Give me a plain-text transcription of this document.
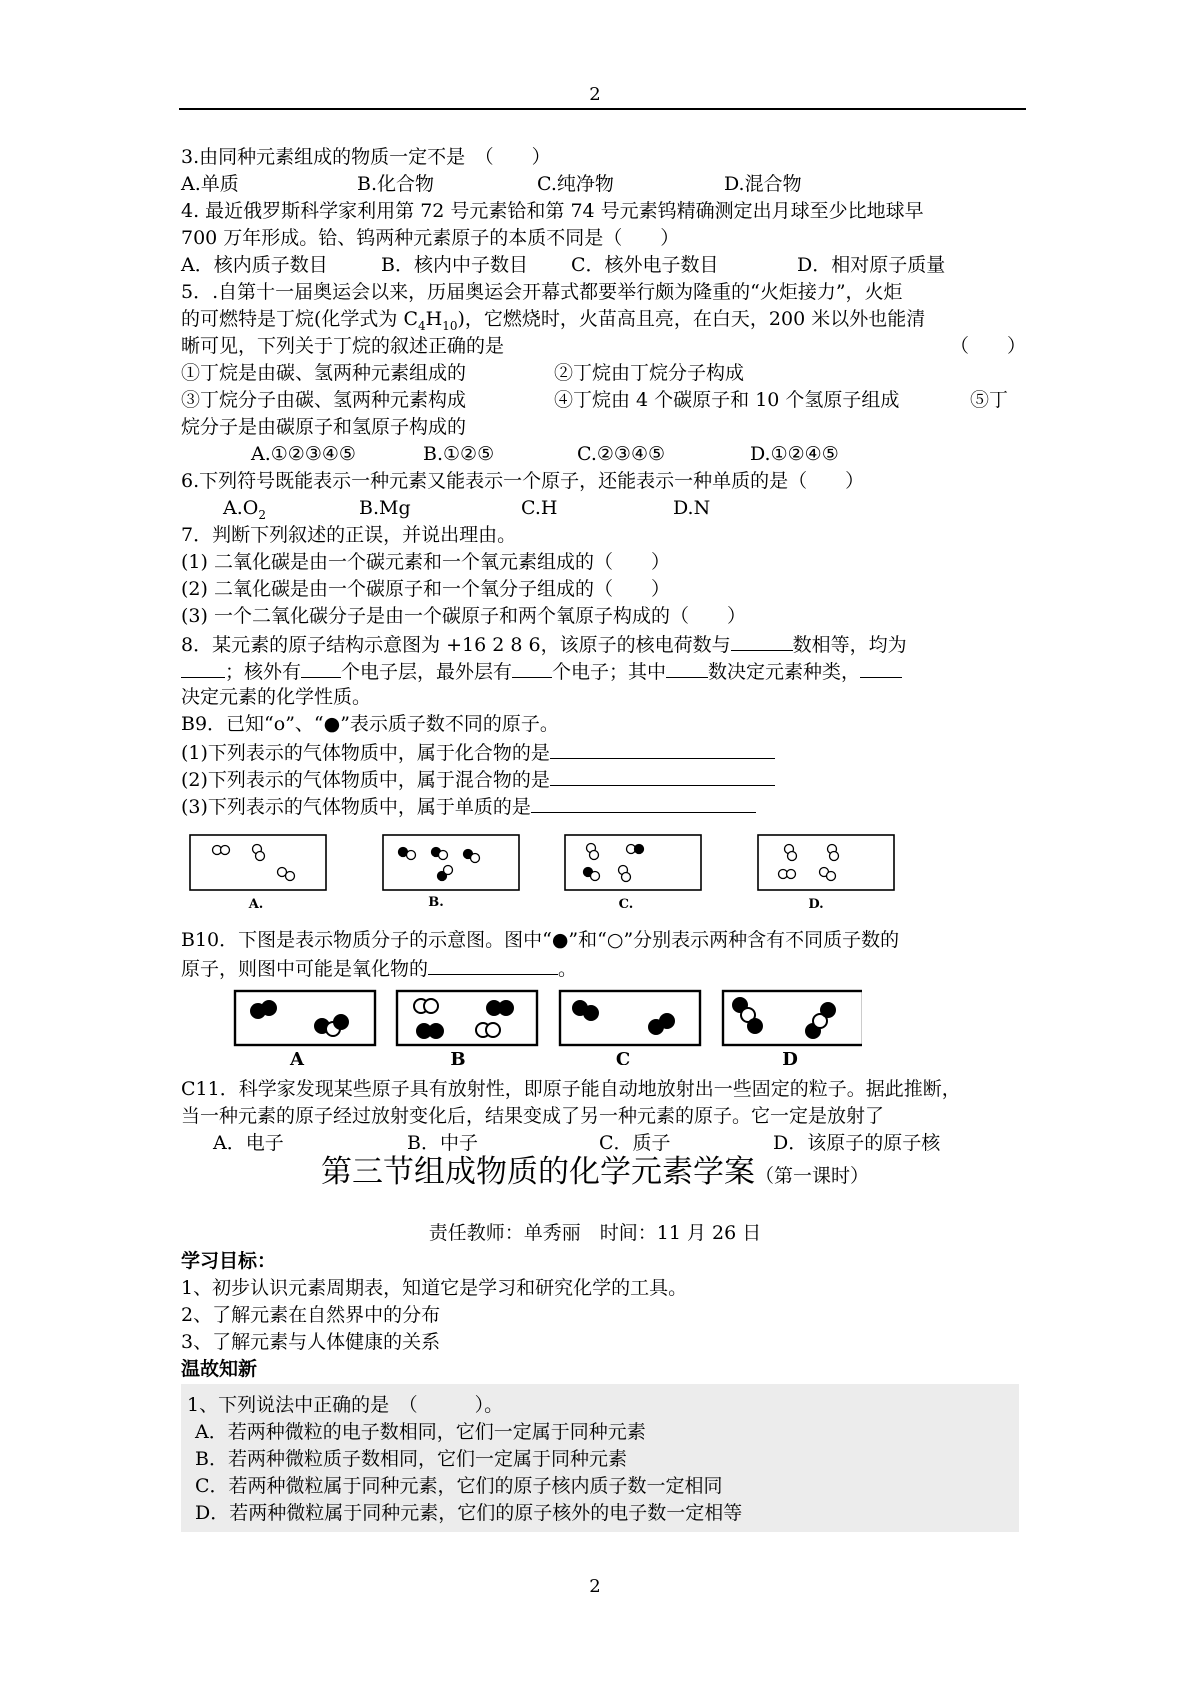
2
3.由同种元素组成的物质一定不是　（　　）
A.单质	B.化合物	C.纯净物	D.混合物
4. 最近俄罗斯科学家利用第 72 号元素铪和第 74 号元素钨精确测定出月球至少比地球早
700 万年形成。铪、钨两种元素原子的本质不同是（　　）
A．核内质子数目	B．核内中子数目 C．核外电子数目	D．相对原子质量
5．.自第十一届奥运会以来，历届奥运会开幕式都要举行颇为隆重的“火炬接力”，火炬
的可燃特是丁烷(化学式为 $C_4H_{10}$)，它燃烧时，火苗高且亮，在白天，200 米以外也能清
晰可见，下列关于丁烷的叙述正确的是	（　　）
①丁烷是由碳、氢两种元素组成的	②丁烷由丁烷分子构成
③丁烷分子由碳、氢两种元素构成	④丁烷由 4 个碳原子和 10 个氢原子组成	⑤丁
烷分子是由碳原子和氢原子构成的
A.①②③④⑤	B.①②⑤	C.②③④⑤	D.①②④⑤
6.下列符号既能表示一种元素又能表示一个原子，还能表示一种单质的是（　　）
$A.O_2$	B.Mg	C.H	D.N
7．判断下列叙述的正误，并说出理由。
(1) 二氧化碳是由一个碳元素和一个氧元素组成的（　　）
(2) 二氧化碳是由一个碳原子和一个氧分子组成的（　　）
(3) 一个二氧化碳分子是由一个碳原子和两个氧原子构成的（　　）
8．某元素的原子结构示意图为 +16 2 8 6，该原子的核电荷数与	数相等，均为
；核外有 个电子层，最外层有 个电子；其中 数决定元素种类，
决定元素的化学性质。
B9．已知“o”、“●”表示质子数不同的原子。
(1)下列表示的气体物质中，属于化合物的是
(2)下列表示的气体物质中，属于混合物的是
(3)下列表示的气体物质中，属于单质的是
A.	B.	C.	D.
B10．下图是表示物质分子的示意图。图中“●”和“○”分别表示两种含有不同质子数的
原子，则图中可能是氧化物的	。
A	B	C	D
C11．科学家发现某些原子具有放射性，即原子能自动地放射出一些固定的粒子。据此推断，
当一种元素的原子经过放射变化后，结果变成了另一种元素的原子。它一定是放射了
A．电子	B．中子	C．质子	D．该原子的原子核
第三节组成物质的化学元素学案（第一课时）
责任教师：单秀丽　时间：11 月 26 日
学习目标：
1、初步认识元素周期表，知道它是学习和研究化学的工具。
2、了解元素在自然界中的分布
3、了解元素与人体健康的关系
温故知新
1、下列说法中正确的是　（　　　）。
A．若两种微粒的电子数相同，它们一定属于同种元素
B．若两种微粒质子数相同，它们一定属于同种元素
C．若两种微粒属于同种元素，它们的原子核内质子数一定相同
D．若两种微粒属于同种元素，它们的原子核外的电子数一定相等
2
